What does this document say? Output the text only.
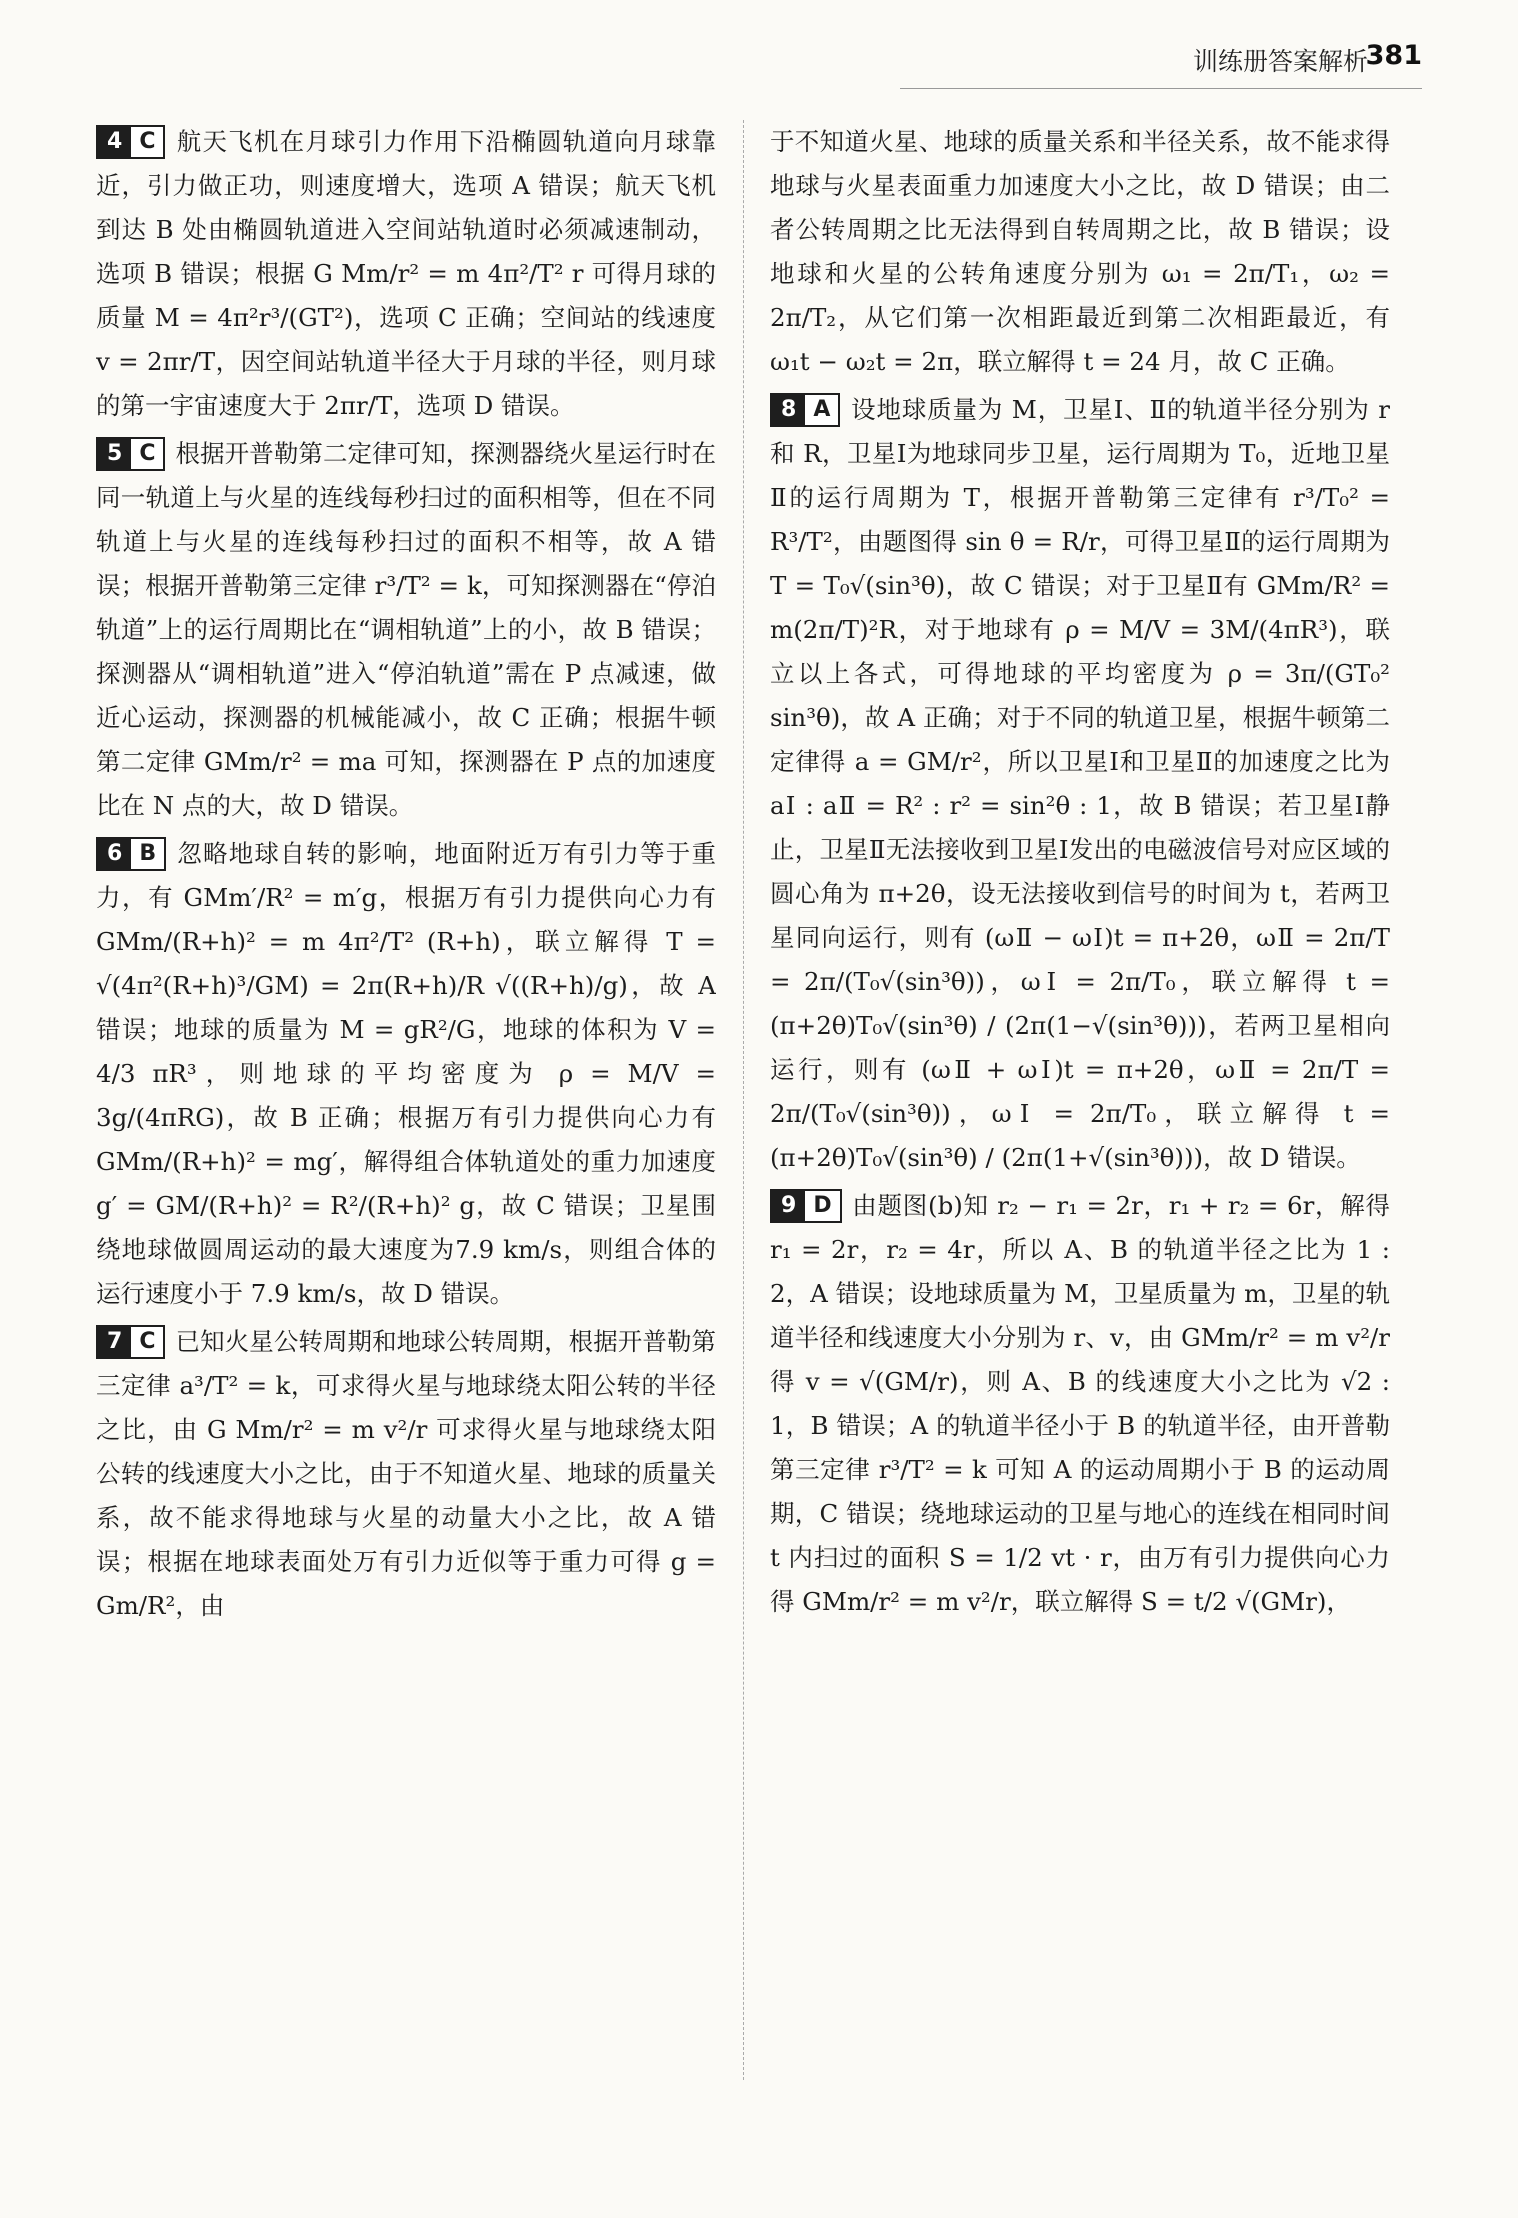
训练册答案解析
381

4 C 航天飞机在月球引力作用下沿椭圆轨道向月球靠近，引力做正功，则速度增大，选项 A 错误；航天飞机到达 B 处由椭圆轨道进入空间站轨道时必须减速制动，选项 B 错误；根据 G Mm/r² = m 4π²/T² r 可得月球的质量 M = 4π²r³/(GT²)，选项 C 正确；空间站的线速度 v = 2πr/T，因空间站轨道半径大于月球的半径，则月球的第一宇宙速度大于 2πr/T，选项 D 错误。

5 C 根据开普勒第二定律可知，探测器绕火星运行时在同一轨道上与火星的连线每秒扫过的面积相等，但在不同轨道上与火星的连线每秒扫过的面积不相等，故 A 错误；根据开普勒第三定律 r³/T² = k，可知探测器在“停泊轨道”上的运行周期比在“调相轨道”上的小，故 B 错误；探测器从“调相轨道”进入“停泊轨道”需在 P 点减速，做近心运动，探测器的机械能减小，故 C 正确；根据牛顿第二定律 GMm/r² = ma 可知，探测器在 P 点的加速度比在 N 点的大，故 D 错误。

6 B 忽略地球自转的影响，地面附近万有引力等于重力，有 GMm′/R² = m′g，根据万有引力提供向心力有 GMm/(R+h)² = m 4π²/T² (R+h)，联立解得 T = √(4π²(R+h)³/GM) = 2π(R+h)/R √((R+h)/g)，故 A 错误；地球的质量为 M = gR²/G，地球的体积为 V = 4/3 πR³，则地球的平均密度为 ρ = M/V = 3g/(4πRG)，故 B 正确；根据万有引力提供向心力有 GMm/(R+h)² = mg′，解得组合体轨道处的重力加速度 g′ = GM/(R+h)² = R²/(R+h)² g，故 C 错误；卫星围绕地球做圆周运动的最大速度为7.9 km/s，则组合体的运行速度小于 7.9 km/s，故 D 错误。

7 C 已知火星公转周期和地球公转周期，根据开普勒第三定律 a³/T² = k，可求得火星与地球绕太阳公转的半径之比，由 G Mm/r² = m v²/r 可求得火星与地球绕太阳公转的线速度大小之比，由于不知道火星、地球的质量关系，故不能求得地球与火星的动量大小之比，故 A 错误；根据在地球表面处万有引力近似等于重力可得 g = Gm/R²，由

于不知道火星、地球的质量关系和半径关系，故不能求得地球与火星表面重力加速度大小之比，故 D 错误；由二者公转周期之比无法得到自转周期之比，故 B 错误；设地球和火星的公转角速度分别为 ω₁ = 2π/T₁，ω₂ = 2π/T₂，从它们第一次相距最近到第二次相距最近，有 ω₁t − ω₂t = 2π，联立解得 t = 24 月，故 C 正确。

8 A 设地球质量为 M，卫星Ⅰ、Ⅱ的轨道半径分别为 r 和 R，卫星Ⅰ为地球同步卫星，运行周期为 T₀，近地卫星Ⅱ的运行周期为 T，根据开普勒第三定律有 r³/T₀² = R³/T²，由题图得 sin θ = R/r，可得卫星Ⅱ的运行周期为 T = T₀√(sin³θ)，故 C 错误；对于卫星Ⅱ有 GMm/R² = m(2π/T)²R，对于地球有 ρ = M/V = 3M/(4πR³)，联立以上各式，可得地球的平均密度为 ρ = 3π/(GT₀² sin³θ)，故 A 正确；对于不同的轨道卫星，根据牛顿第二定律得 a = GM/r²，所以卫星Ⅰ和卫星Ⅱ的加速度之比为 aⅠ : aⅡ = R² : r² = sin²θ : 1，故 B 错误；若卫星Ⅰ静止，卫星Ⅱ无法接收到卫星Ⅰ发出的电磁波信号对应区域的圆心角为 π+2θ，设无法接收到信号的时间为 t，若两卫星同向运行，则有 (ωⅡ − ωⅠ)t = π+2θ，ωⅡ = 2π/T = 2π/(T₀√(sin³θ))，ωⅠ = 2π/T₀，联立解得 t = (π+2θ)T₀√(sin³θ) / (2π(1−√(sin³θ)))，若两卫星相向运行，则有 (ωⅡ + ωⅠ)t = π+2θ，ωⅡ = 2π/T = 2π/(T₀√(sin³θ))，ωⅠ = 2π/T₀，联立解得 t = (π+2θ)T₀√(sin³θ) / (2π(1+√(sin³θ)))，故 D 错误。

9 D 由题图(b)知 r₂ − r₁ = 2r，r₁ + r₂ = 6r，解得 r₁ = 2r，r₂ = 4r，所以 A、B 的轨道半径之比为 1 : 2，A 错误；设地球质量为 M，卫星质量为 m，卫星的轨道半径和线速度大小分别为 r、v，由 GMm/r² = m v²/r 得 v = √(GM/r)，则 A、B 的线速度大小之比为 √2 : 1，B 错误；A 的轨道半径小于 B 的轨道半径，由开普勒第三定律 r³/T² = k 可知 A 的运动周期小于 B 的运动周期，C 错误；绕地球运动的卫星与地心的连线在相同时间 t 内扫过的面积 S = 1/2 vt · r，由万有引力提供向心力得 GMm/r² = m v²/r，联立解得 S = t/2 √(GMr)，
